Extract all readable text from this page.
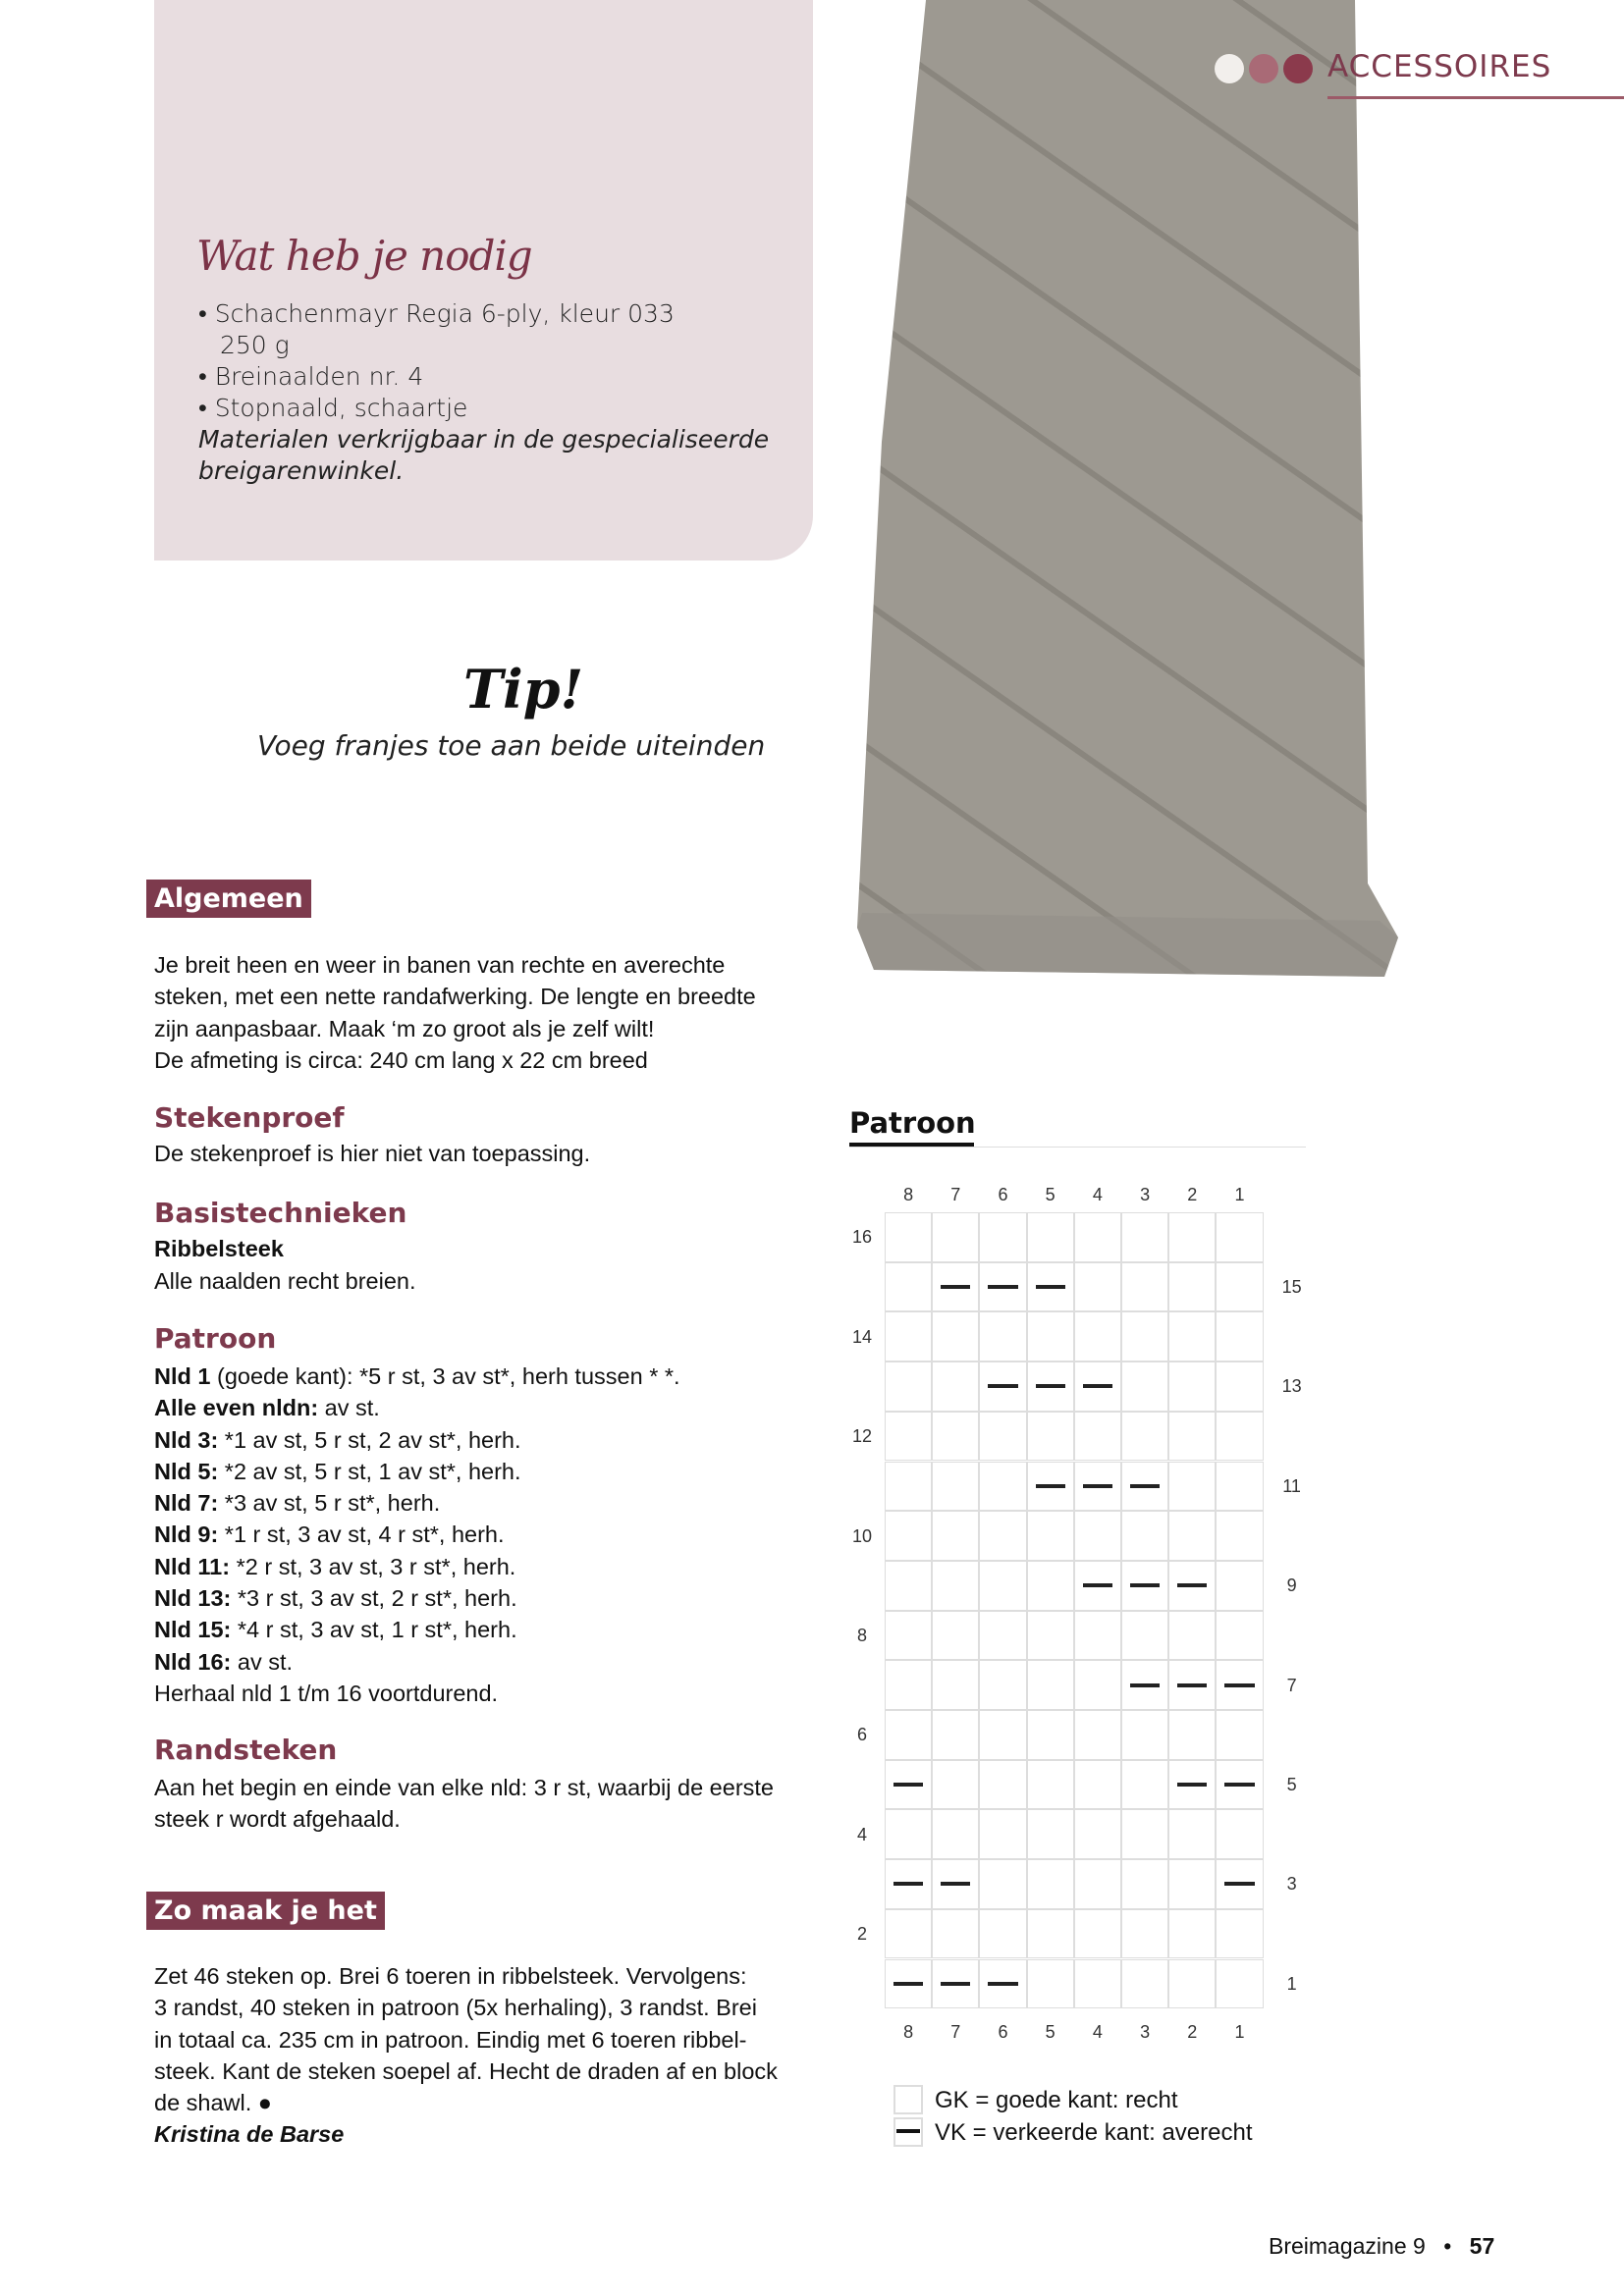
ACCESSOIRES
Wat heb je nodig
• Schachenmayr Regia 6-ply, kleur 033
250 g
• Breinaalden nr. 4
• Stopnaald, schaartje
Materialen verkrijgbaar in de gespecialiseerde
breigarenwinkel.
Tip!
Voeg franjes toe aan beide uiteinden
Algemeen
Je breit heen en weer in banen van rechte en averechte
steken, met een nette randafwerking. De lengte en breedte
zijn aanpasbaar. Maak ‘m zo groot als je zelf wilt!
De afmeting is circa: 240 cm lang x 22 cm breed
Stekenproef
De stekenproef is hier niet van toepassing.
Basistechnieken
Ribbelsteek
Alle naalden recht breien.
Patroon
Nld 1 (goede kant): *5 r st, 3 av st*, herh tussen * *.
Alle even nldn: av st.
Nld 3: *1 av st, 5 r st, 2 av st*, herh.
Nld 5: *2 av st, 5 r st, 1 av st*, herh.
Nld 7: *3 av st, 5 r st*, herh.
Nld 9: *1 r st, 3 av st, 4 r st*, herh.
Nld 11: *2 r st, 3 av st, 3 r st*, herh.
Nld 13: *3 r st, 3 av st, 2 r st*, herh.
Nld 15: *4 r st, 3 av st, 1 r st*, herh.
Nld 16: av st.
Herhaal nld 1 t/m 16 voortdurend.
Randsteken
Aan het begin en einde van elke nld: 3 r st, waarbij de eerste
steek r wordt afgehaald.
Zo maak je het
Zet 46 steken op. Brei 6 toeren in ribbelsteek. Vervolgens:
3 randst, 40 steken in patroon (5x herhaling), 3 randst. Brei
in totaal ca. 235 cm in patroon. Eindig met 6 toeren ribbel-
steek. Kant de steken soepel af. Hecht de draden af en block
de shawl. ●
Kristina de Barse
Patroon
8
8
7
7
6
6
5
5
4
4
3
3
2
2
1
1
1
2
3
4
5
6
7
8
9
10
11
12
13
14
15
16
GK = goede kant: recht
VK = verkeerde kant: averecht
Breimagazine 9 • 57
